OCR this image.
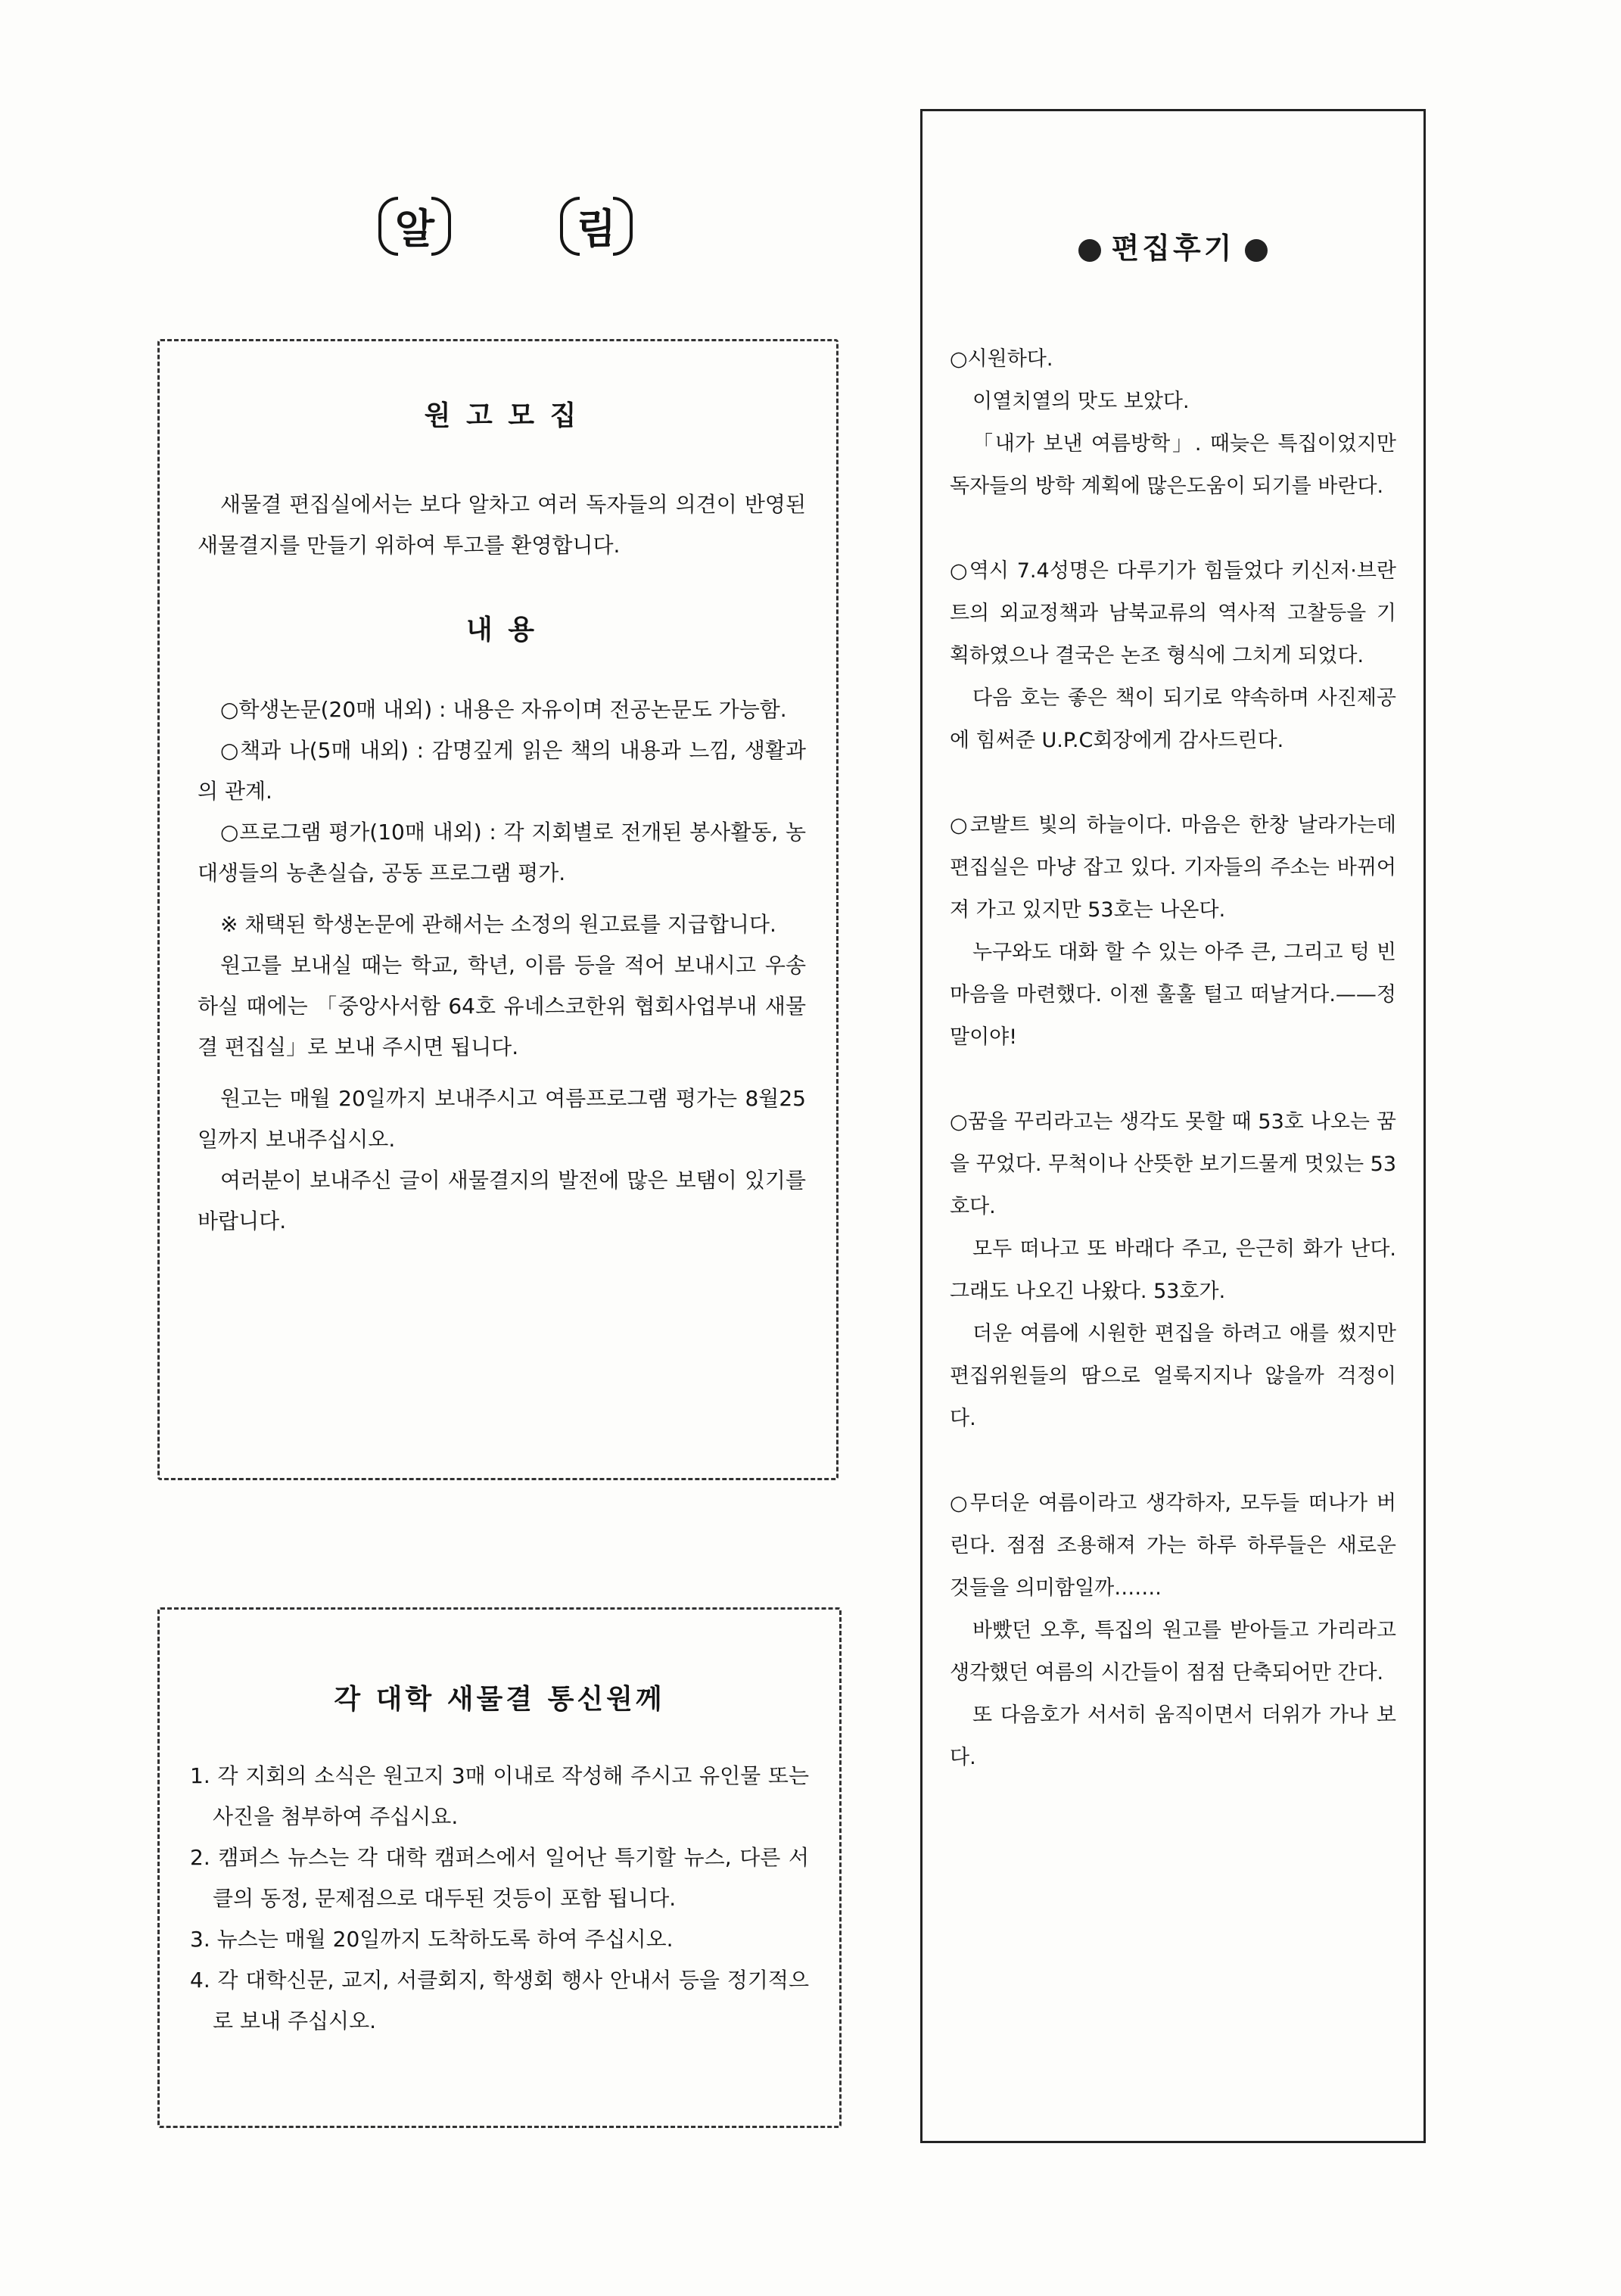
알	림
원 고 모 집

새물결 편집실에서는 보다 알차고 여러 독자들의 의견이 반영된 새물결지를 만들기 위하여 투고를 환영합니다.

내 용

○학생논문(20매 내외) : 내용은 자유이며 전공논문도 가능함.

○책과 나(5매 내외) : 감명깊게 읽은 책의 내용과 느낌, 생활과의 관계.

○프로그램 평가(10매 내외) : 각 지회별로 전개된 봉사활동, 농대생들의 농촌실습, 공동 프로그램 평가.

※ 채택된 학생논문에 관해서는 소정의 원고료를 지급합니다.

원고를 보내실 때는 학교, 학년, 이름 등을 적어 보내시고 우송하실 때에는 「중앙사서함 64호 유네스코한위 협회사업부내 새물결 편집실」로 보내 주시면 됩니다.

원고는 매월 20일까지 보내주시고 여름프로그램 평가는 8월25일까지 보내주십시오.

여러분이 보내주신 글이 새물결지의 발전에 많은 보탬이 있기를 바랍니다.

각 대학 새물결 통신원께

1. 각 지회의 소식은 원고지 3매 이내로 작성해 주시고 유인물 또는 사진을 첨부하여 주십시요.

2. 캠퍼스 뉴스는 각 대학 캠퍼스에서 일어난 특기할 뉴스, 다른 서클의 동정, 문제점으로 대두된 것등이 포함 됩니다.

3. 뉴스는 매월 20일까지 도착하도록 하여 주십시오.

4. 각 대학신문, 교지, 서클회지, 학생회 행사 안내서 등을 정기적으로 보내 주십시오.

편집후기

○시원하다.

이열치열의 맛도 보았다.

「내가 보낸 여름방학」. 때늦은 특집이었지만 독자들의 방학 계획에 많은도움이 되기를 바란다.

○역시 7.4성명은 다루기가 힘들었다 키신저·브란트의 외교정책과 남북교류의 역사적 고찰등을 기획하였으나 결국은 논조 형식에 그치게 되었다.

다음 호는 좋은 책이 되기로 약속하며 사진제공에 힘써준 U.P.C회장에게 감사드린다.

○코발트 빛의 하늘이다. 마음은 한창 날라가는데 편집실은 마냥 잡고 있다. 기자들의 주소는 바뀌어져 가고 있지만 53호는 나온다.

누구와도 대화 할 수 있는 아주 큰, 그리고 텅 빈 마음을 마련했다. 이젠 훌훌 털고 떠날거다.——정말이야!

○꿈을 꾸리라고는 생각도 못할 때 53호 나오는 꿈을 꾸었다. 무척이나 산뜻한 보기드물게 멋있는 53호다.

모두 떠나고 또 바래다 주고, 은근히 화가 난다. 그래도 나오긴 나왔다. 53호가.

더운 여름에 시원한 편집을 하려고 애를 썼지만 편집위원들의 땀으로 얼룩지지나 않을까 걱정이다.

○무더운 여름이라고 생각하자, 모두들 떠나가 버린다. 점점 조용해져 가는 하루 하루들은 새로운 것들을 의미함일까…….

바빴던 오후, 특집의 원고를 받아들고 가리라고 생각했던 여름의 시간들이 점점 단축되어만 간다.

또 다음호가 서서히 움직이면서 더위가 가나 보다.
